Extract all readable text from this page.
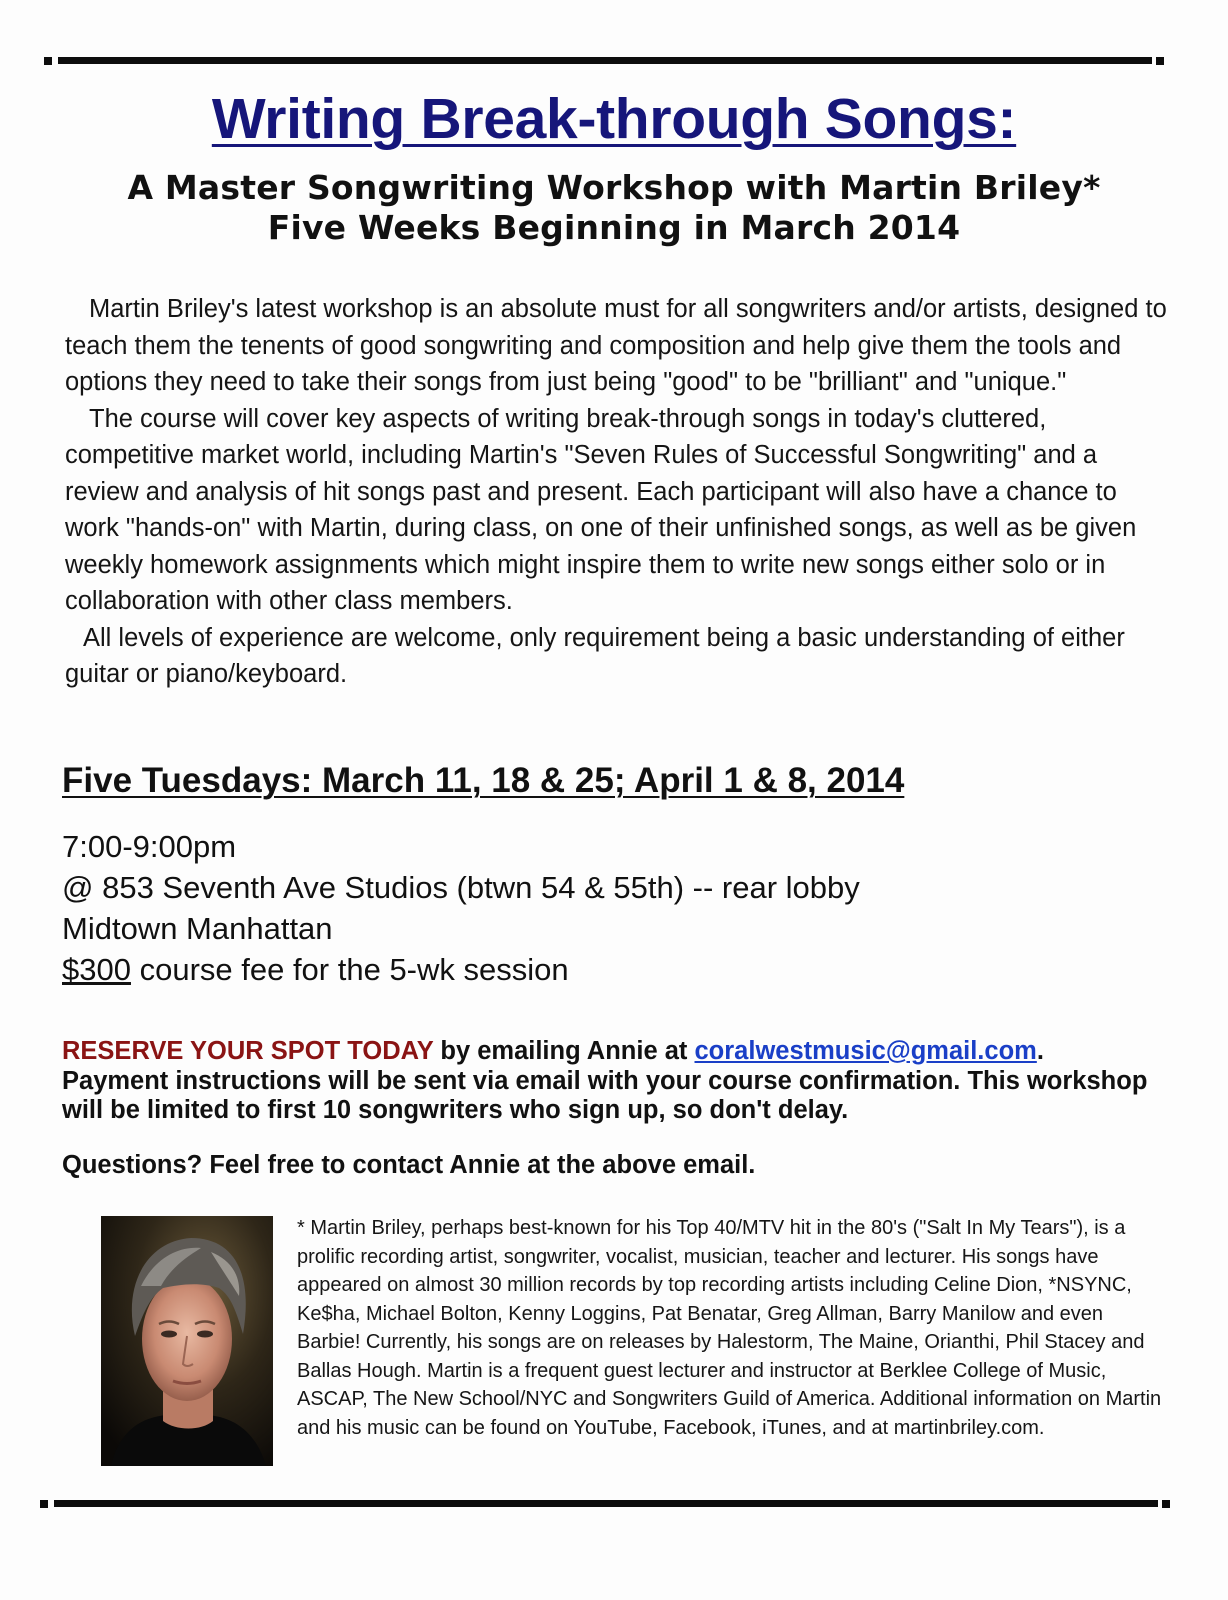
Writing Break-through Songs:
A Master Songwriting Workshop with Martin Briley*
Five Weeks Beginning in March 2014

Martin Briley's latest workshop is an absolute must for all songwriters and/or artists, designed to teach them the tenents of good songwriting and composition and help give them the tools and options they need to take their songs from just being "good" to be "brilliant" and "unique."

The course will cover key aspects of writing break-through songs in today's cluttered, competitive market world, including Martin's "Seven Rules of Successful Songwriting" and a review and analysis of hit songs past and present. Each participant will also have a chance to work "hands-on" with Martin, during class, on one of their unfinished songs, as well as be given weekly homework assignments which might inspire them to write new songs either solo or in collaboration with other class members.

All levels of experience are welcome, only requirement being a basic understanding of either guitar or piano/keyboard.

Five Tuesdays: March 11, 18 & 25; April 1 & 8, 2014
7:00-9:00pm
@ 853 Seventh Ave Studios (btwn 54 & 55th) -- rear lobby
Midtown Manhattan
$300 course fee for the 5-wk session
RESERVE YOUR SPOT TODAY by emailing Annie at coralwestmusic@gmail.com.
Payment instructions will be sent via email with your course confirmation. This workshop will be limited to first 10 songwriters who sign up, so don't delay.
Questions? Feel free to contact Annie at the above email.
* Martin Briley, perhaps best-known for his Top 40/MTV hit in the 80's ("Salt In My Tears"), is a prolific recording artist, songwriter, vocalist, musician, teacher and lecturer. His songs have appeared on almost 30 million records by top recording artists including Celine Dion, *NSYNC, Ke$ha, Michael Bolton, Kenny Loggins, Pat Benatar, Greg Allman, Barry Manilow and even Barbie! Currently, his songs are on releases by Halestorm, The Maine, Orianthi, Phil Stacey and Ballas Hough. Martin is a frequent guest lecturer and instructor at Berklee College of Music, ASCAP, The New School/NYC and Songwriters Guild of America. Additional information on Martin and his music can be found on YouTube, Facebook, iTunes, and at martinbriley.com.
